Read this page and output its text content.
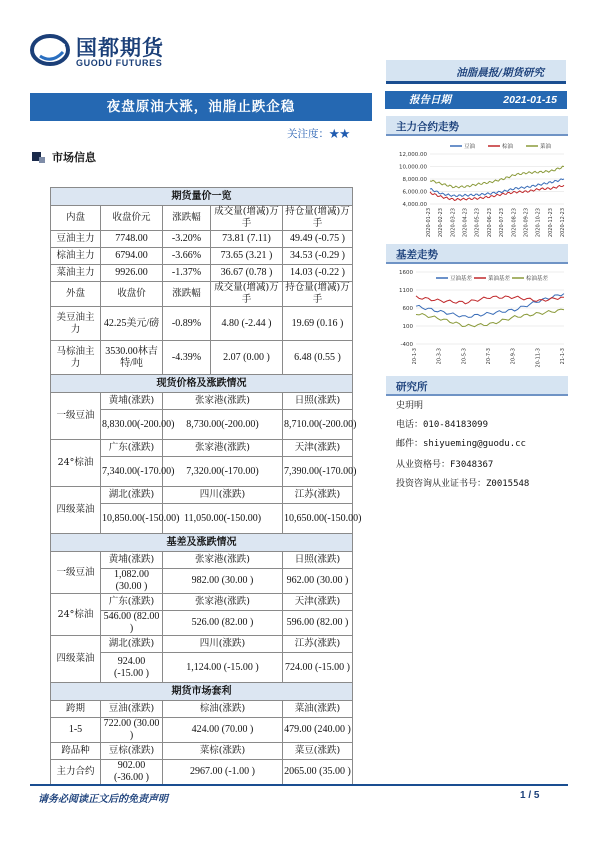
国都期货
GUODU FUTURES
油脂晨报/期货研究
夜盘原油大涨，油脂止跌企稳
关注度：★★
市场信息
期货量价一览				
内盘	收盘价元	涨跌幅	成交量(增减)万手	持仓量(增减)万手
豆油主力	7748.00	-3.20%	73.81 (7.11)	49.49 (-0.75 )
棕油主力	6794.00	-3.66%	73.65 (3.21 )	34.53 (-0.29 )
菜油主力	9926.00	-1.37%	36.67 (0.78 )	14.03 (-0.22 )
外盘	收盘价	涨跌幅	成交量(增减)万手	持仓量(增减)万手
美豆油主力	42.25美元/磅	-0.89%	4.80 (-2.44 )	19.69 (0.16 )
马棕油主力	3530.00林吉特/吨	-4.39%	2.07 (0.00 )	6.48 (0.55 )
现货价格及涨跌情况				
一级豆油	黄埔(涨跌)	张家港(涨跌)		日照(涨跌)
	8,830.00(-200.00)	8,730.00(-200.00)		8,710.00(-200.00)
24°棕油	广东(涨跌)	张家港(涨跌)		天津(涨跌)
	7,340.00(-170.00)	7,320.00(-170.00)		7,390.00(-170.00)
四级菜油	湖北(涨跌)	四川(涨跌)		江苏(涨跌)
	10,850.00(-150.00)	11,050.00(-150.00)		10,650.00(-150.00)
基差及涨跌情况				
一级豆油	黄埔(涨跌)	张家港(涨跌)		日照(涨跌)
	1,082.00 (30.00 )	982.00 (30.00 )		962.00 (30.00 )
24°棕油	广东(涨跌)	张家港(涨跌)		天津(涨跌)
	546.00 (82.00 )	526.00 (82.00 )		596.00 (82.00 )
四级菜油	湖北(涨跌)	四川(涨跌)		江苏(涨跌)
	924.00 (-15.00 )	1,124.00 (-15.00 )		724.00 (-15.00 )
期货市场套利				
跨期	豆油(涨跌)	棕油(涨跌)		菜油(涨跌)
1-5	722.00 (30.00 )	424.00 (70.00 )		479.00 (240.00 )
跨品种	豆棕(涨跌)	菜棕(涨跌)		菜豆(涨跌)
主力合约	902.00 (-36.00 )	2967.00 (-1.00 )		2065.00 (35.00 )
报告日期	2021-01-15
主力合约走势
4,000.00
6,000.00
8,000.00
10,000.00
12,000.00
2020-01-23 2020-02-23 2020-03-23 2020-04-23 2020-05-23 2020-06-23 2020-07-23 2020-08-23 2020-09-23 2020-10-23 2020-11-23 2020-12-23
豆油	棕油	菜油
基差走势
-400
100
600
1100
1600
20-1-3	20-3-3	20-5-3	20-7-3	20-9-3	20-11-3	21-1-3
豆油基差	菜油基差	棕油基差
研究所
史玥明
电话：010-84183099
邮件：shiyueming@guodu.cc
从业资格号：F3048367
投资咨询从业证书号：Z0015548
请务必阅读正文后的免责声明	1 / 5
